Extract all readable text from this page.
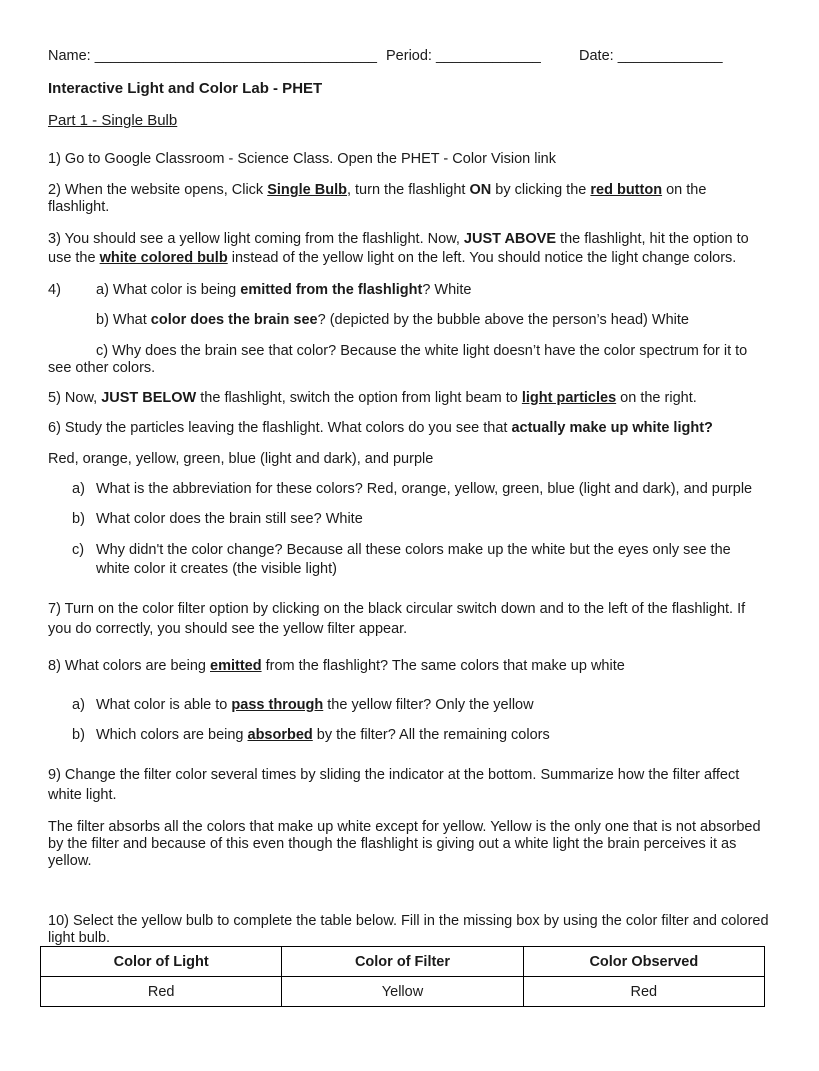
Name: ___________________________________ Period: _____________	Date: _____________
Interactive Light and Color Lab - PHET
Part 1 - Single Bulb
1) Go to Google Classroom - Science Class. Open the PHET - Color Vision link
2) When the website opens, Click Single Bulb, turn the flashlight ON by clicking the red button on the flashlight.
3) You should see a yellow light coming from the flashlight. Now, JUST ABOVE the flashlight, hit the option to use the white colored bulb instead of the yellow light on the left. You should notice the light change colors.
4) a) What color is being emitted from the flashlight? White
b) What color does the brain see? (depicted by the bubble above the person’s head) White
c) Why does the brain see that color? Because the white light doesn’t have the color spectrum for it to see other colors.
5) Now, JUST BELOW the flashlight, switch the option from light beam to light particles on the right.
6) Study the particles leaving the flashlight. What colors do you see that actually make up white light?
Red, orange, yellow, green, blue (light and dark), and purple
a) What is the abbreviation for these colors? Red, orange, yellow, green, blue (light and dark), and purple
b) What color does the brain still see? White
c) Why didn't the color change? Because all these colors make up the white but the eyes only see the white color it creates (the visible light)
7) Turn on the color filter option by clicking on the black circular switch down and to the left of the flashlight. If you do correctly, you should see the yellow filter appear.
8) What colors are being emitted from the flashlight? The same colors that make up white
a) What color is able to pass through the yellow filter? Only the yellow
b) Which colors are being absorbed by the filter? All the remaining colors
9) Change the filter color several times by sliding the indicator at the bottom. Summarize how the filter affect white light.
The filter absorbs all the colors that make up white except for yellow. Yellow is the only one that is not absorbed by the filter and because of this even though the flashlight is giving out a white light the brain perceives it as yellow.
10) Select the yellow bulb to complete the table below. Fill in the missing box by using the color filter and colored light bulb.
Color of Light	Color of Filter	Color Observed
Red	Yellow	Red
